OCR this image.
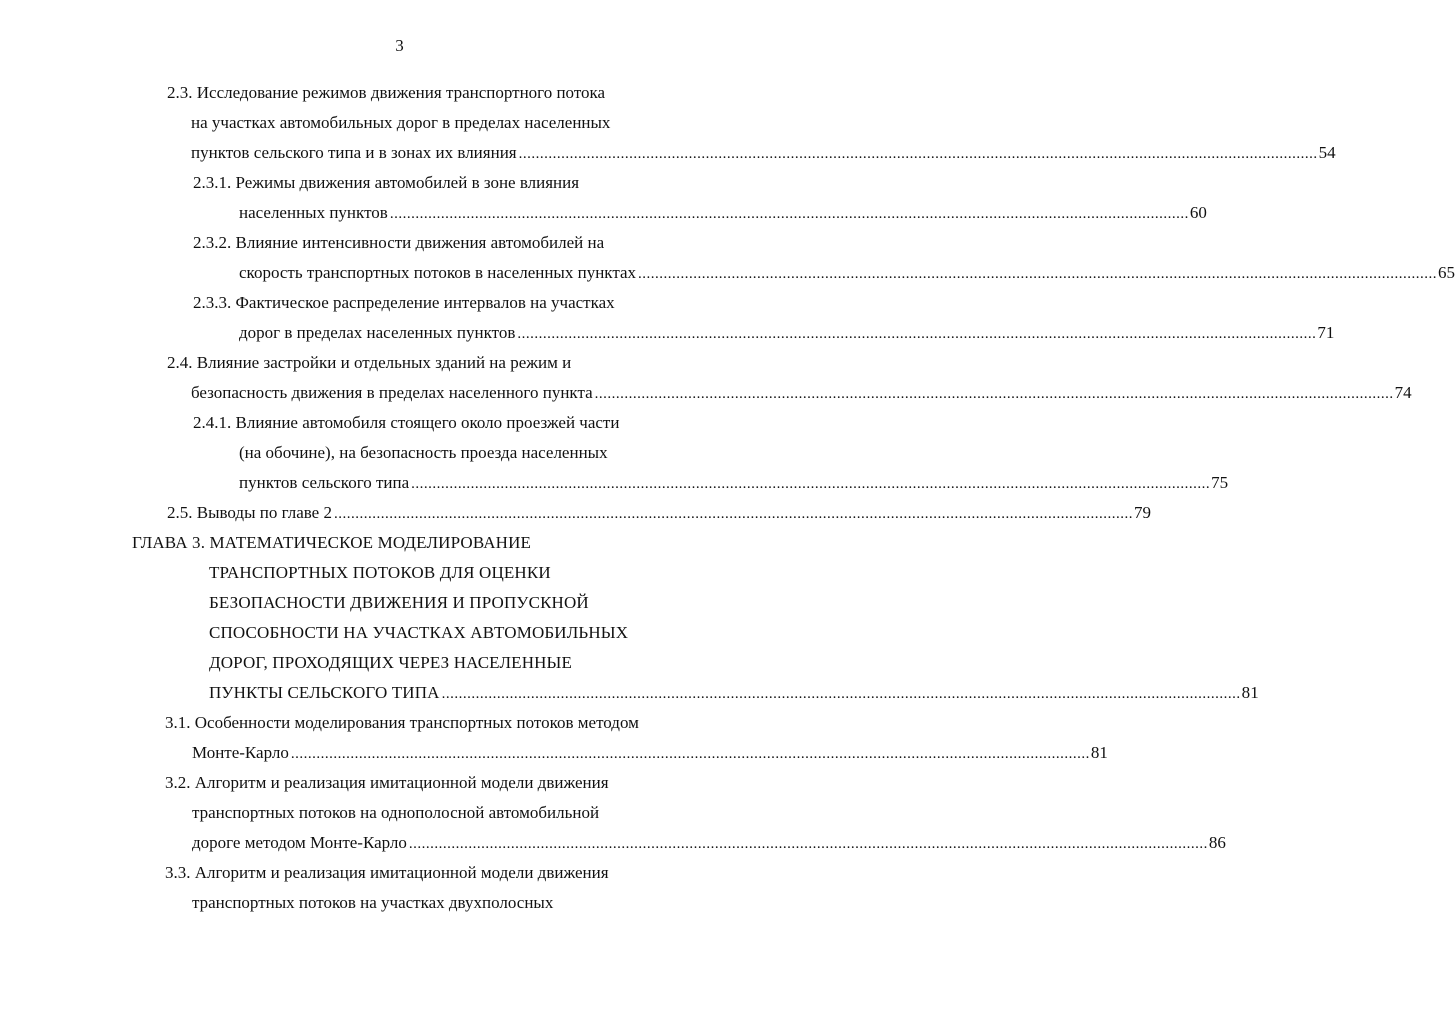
3
2.3. Исследование режимов движения транспортного потока
на участках автомобильных дорог в пределах населенных
пунктов сельского типа и в зонах их влияния ............................................................................................................................................................................................ 54
2.3.1. Режимы движения автомобилей в зоне влияния
населенных пунктов ............................................................................................................................................................................................ 60
2.3.2. Влияние интенсивности движения автомобилей на
скорость транспортных потоков в населенных пунктах ............................................................................................................................................................................................ 65
2.3.3. Фактическое распределение интервалов на участках
дорог в пределах населенных пунктов ............................................................................................................................................................................................ 71
2.4. Влияние застройки и отдельных зданий на режим и
безопасность движения в пределах населенного пункта ............................................................................................................................................................................................ 74
2.4.1. Влияние автомобиля стоящего около проезжей части
(на обочине), на безопасность проезда населенных
пунктов сельского типа ............................................................................................................................................................................................ 75
2.5. Выводы по главе 2 ............................................................................................................................................................................................ 79
ГЛАВА 3. МАТЕМАТИЧЕСКОЕ МОДЕЛИРОВАНИЕ
ТРАНСПОРТНЫХ ПОТОКОВ ДЛЯ ОЦЕНКИ
БЕЗОПАСНОСТИ ДВИЖЕНИЯ И ПРОПУСКНОЙ
СПОСОБНОСТИ НА УЧАСТКАХ АВТОМОБИЛЬНЫХ
ДОРОГ, ПРОХОДЯЩИХ ЧЕРЕЗ НАСЕЛЕННЫЕ
ПУНКТЫ СЕЛЬСКОГО ТИПА ............................................................................................................................................................................................ 81
3.1. Особенности моделирования транспортных потоков методом
Монте-Карло ............................................................................................................................................................................................ 81
3.2. Алгоритм и реализация имитационной модели движения
транспортных потоков на однополосной автомобильной
дороге методом Монте-Карло ............................................................................................................................................................................................ 86
3.3. Алгоритм и реализация имитационной модели движения
транспортных потоков на участках двухполосных
